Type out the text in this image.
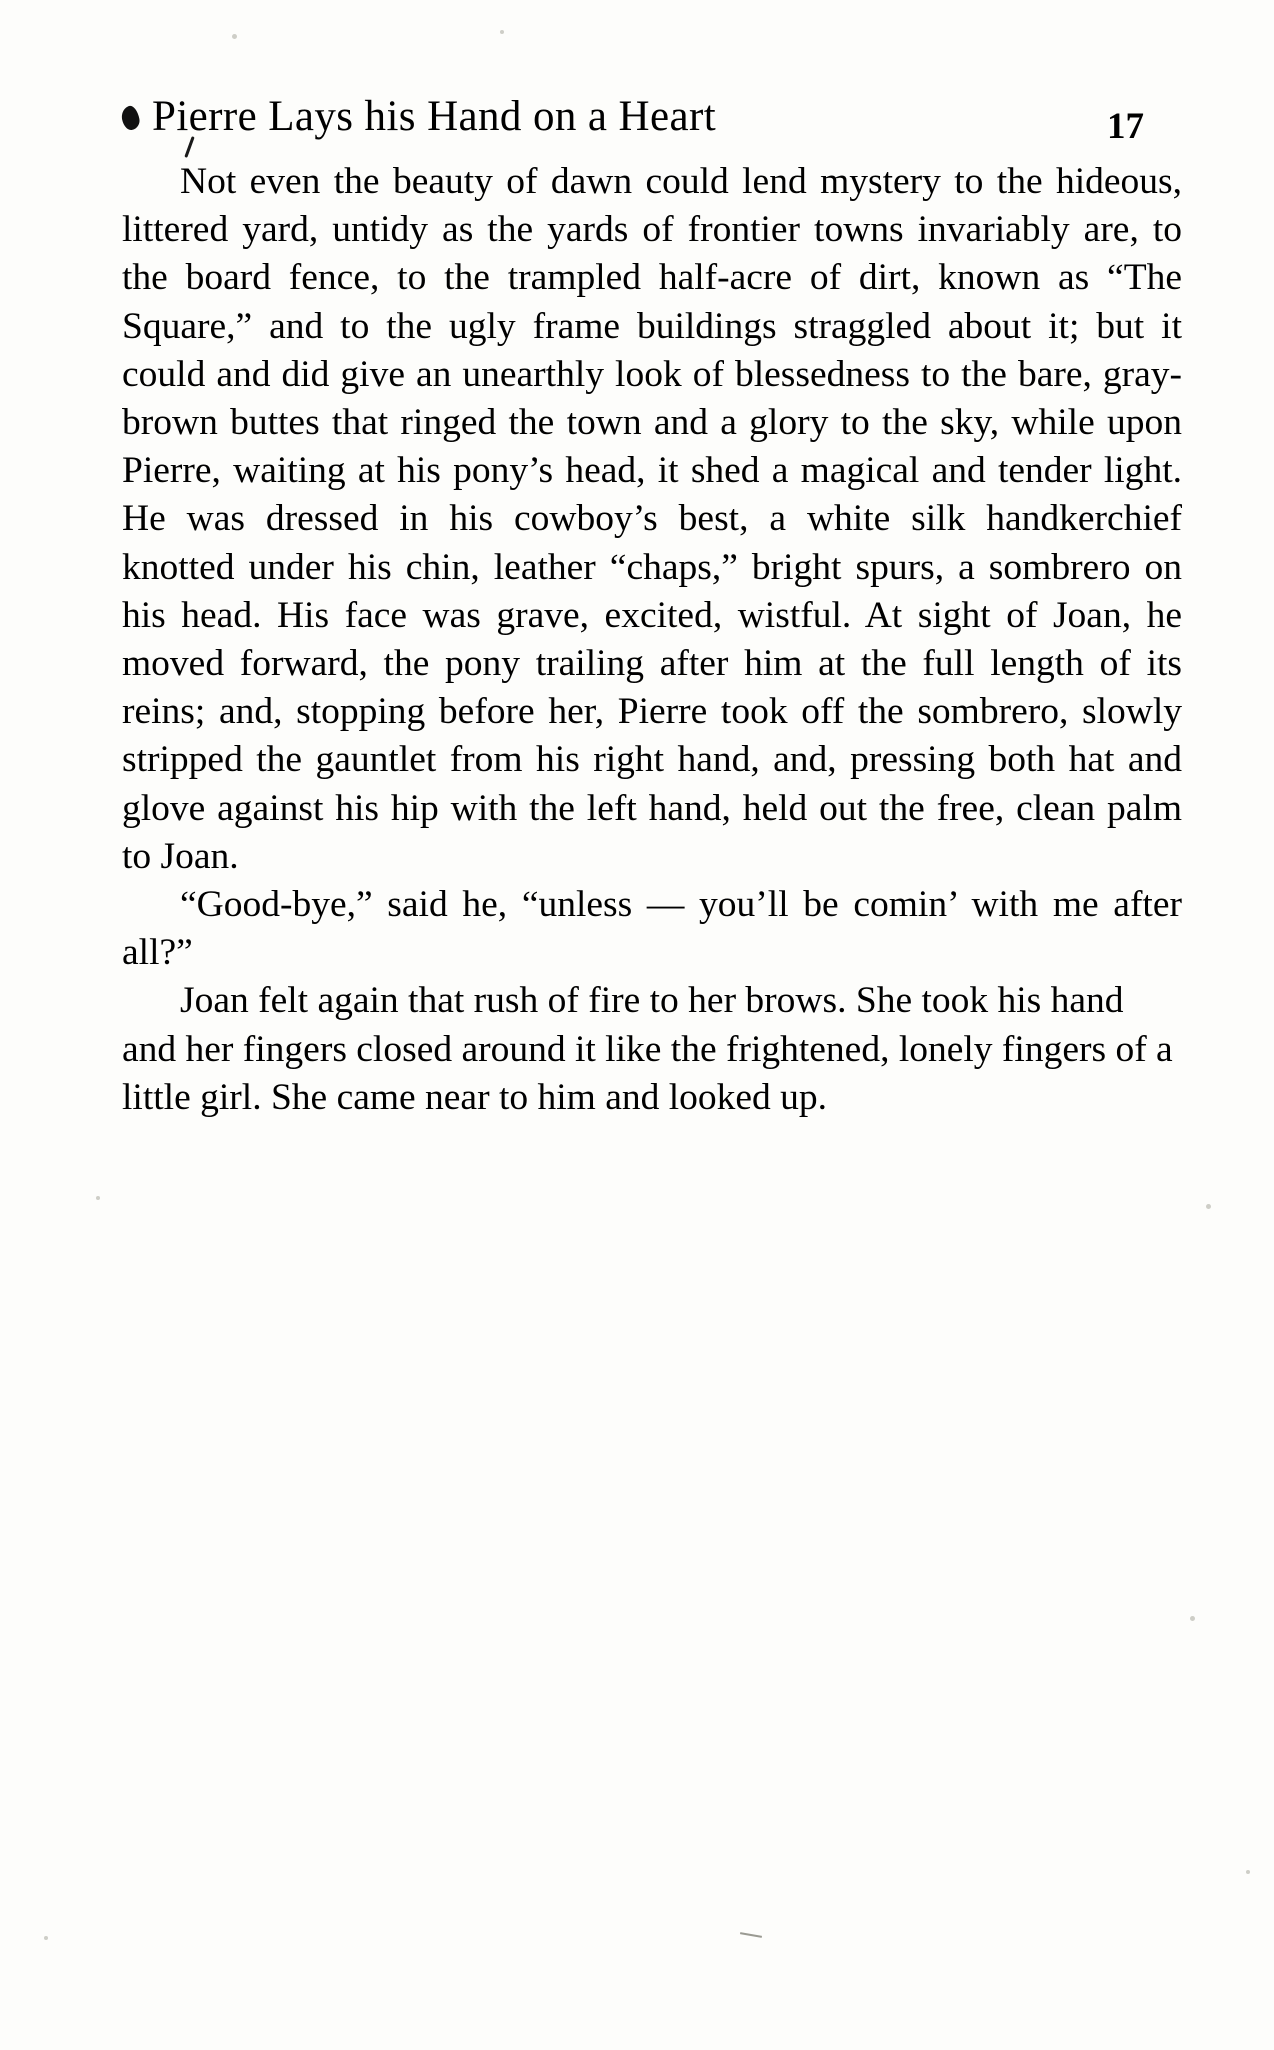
Pierre Lays his Hand on a Heart	17

Not even the beauty of dawn could lend mystery to the hideous, littered yard, untidy as the yards of frontier towns invariably are, to the board fence, to the trampled half-acre of dirt, known as “The Square,” and to the ugly frame buildings straggled about it; but it could and did give an unearthly look of blessedness to the bare, gray-brown buttes that ringed the town and a glory to the sky, while upon Pierre, waiting at his pony’s head, it shed a magical and tender light. He was dressed in his cowboy’s best, a white silk handkerchief knotted under his chin, leather “chaps,” bright spurs, a sombrero on his head. His face was grave, excited, wistful. At sight of Joan, he moved forward, the pony trailing after him at the full length of its reins; and, stopping before her, Pierre took off the sombrero, slowly stripped the gauntlet from his right hand, and, pressing both hat and glove against his hip with the left hand, held out the free, clean palm to Joan.

“Good-bye,” said he, “unless — you’ll be comin’ with me after all?”

Joan felt again that rush of fire to her brows. She took his hand and her fingers closed around it like the frightened, lonely fingers of a little girl. She came near to him and looked up.
